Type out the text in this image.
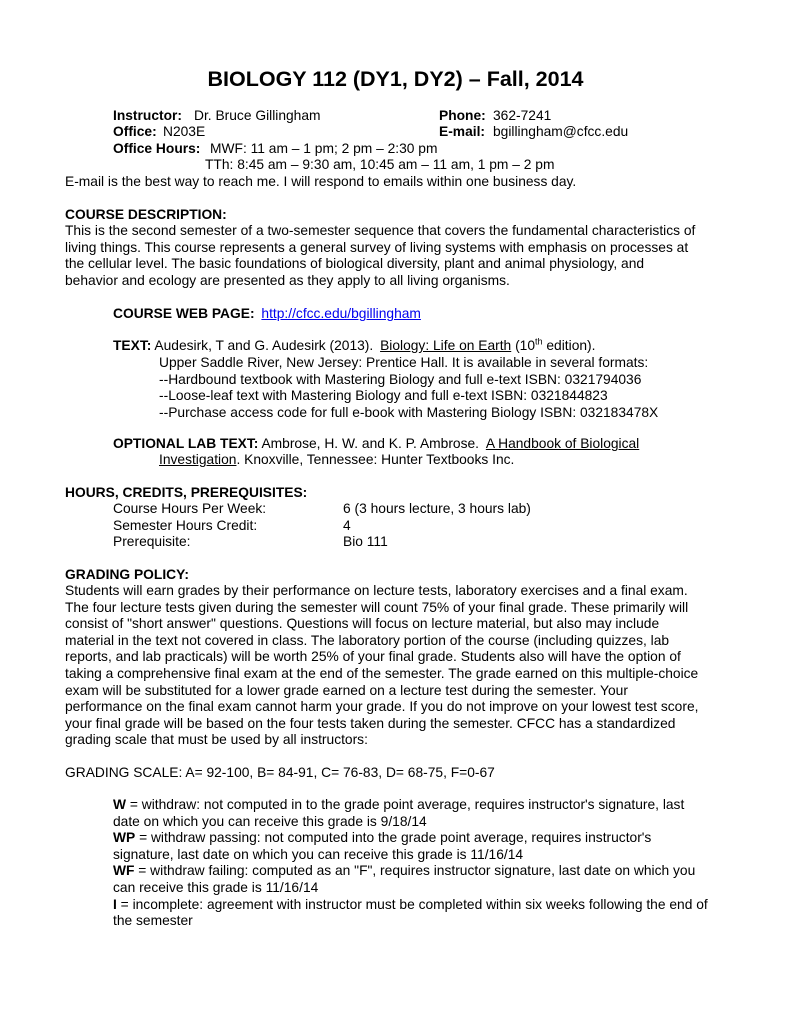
BIOLOGY 112 (DY1, DY2) – Fall, 2014
Instructor: Dr. Bruce Gillingham	Phone: 362-7241
Office: N203E	E-mail: bgillingham@cfcc.edu
Office Hours: MWF: 11 am – 1 pm; 2 pm – 2:30 pm
TTh: 8:45 am – 9:30 am, 10:45 am – 11 am, 1 pm – 2 pm
E-mail is the best way to reach me. I will respond to emails within one business day.
COURSE DESCRIPTION:
This is the second semester of a two-semester sequence that covers the fundamental characteristics of
living things. This course represents a general survey of living systems with emphasis on processes at
the cellular level. The basic foundations of biological diversity, plant and animal physiology, and
behavior and ecology are presented as they apply to all living organisms.
COURSE WEB PAGE: http://cfcc.edu/bgillingham
TEXT: Audesirk, T and G. Audesirk (2013). Biology: Life on Earth (10th edition).
Upper Saddle River, New Jersey: Prentice Hall. It is available in several formats:
--Hardbound textbook with Mastering Biology and full e-text ISBN: 0321794036
--Loose-leaf text with Mastering Biology and full e-text ISBN: 0321844823
--Purchase access code for full e-book with Mastering Biology ISBN: 032183478X
OPTIONAL LAB TEXT: Ambrose, H. W. and K. P. Ambrose. A Handbook of Biological
Investigation. Knoxville, Tennessee: Hunter Textbooks Inc.
HOURS, CREDITS, PREREQUISITES:
Course Hours Per Week:	6 (3 hours lecture, 3 hours lab)
Semester Hours Credit:	4
Prerequisite:	Bio 111
GRADING POLICY:
Students will earn grades by their performance on lecture tests, laboratory exercises and a final exam.
The four lecture tests given during the semester will count 75% of your final grade. These primarily will
consist of "short answer" questions. Questions will focus on lecture material, but also may include
material in the text not covered in class. The laboratory portion of the course (including quizzes, lab
reports, and lab practicals) will be worth 25% of your final grade. Students also will have the option of
taking a comprehensive final exam at the end of the semester. The grade earned on this multiple-choice
exam will be substituted for a lower grade earned on a lecture test during the semester. Your
performance on the final exam cannot harm your grade. If you do not improve on your lowest test score,
your final grade will be based on the four tests taken during the semester. CFCC has a standardized
grading scale that must be used by all instructors:
GRADING SCALE: A= 92-100, B= 84-91, C= 76-83, D= 68-75, F=0-67
W = withdraw: not computed in to the grade point average, requires instructor's signature, last
date on which you can receive this grade is 9/18/14
WP = withdraw passing: not computed into the grade point average, requires instructor's
signature, last date on which you can receive this grade is 11/16/14
WF = withdraw failing: computed as an "F", requires instructor signature, last date on which you
can receive this grade is 11/16/14
I = incomplete: agreement with instructor must be completed within six weeks following the end of
the semester
